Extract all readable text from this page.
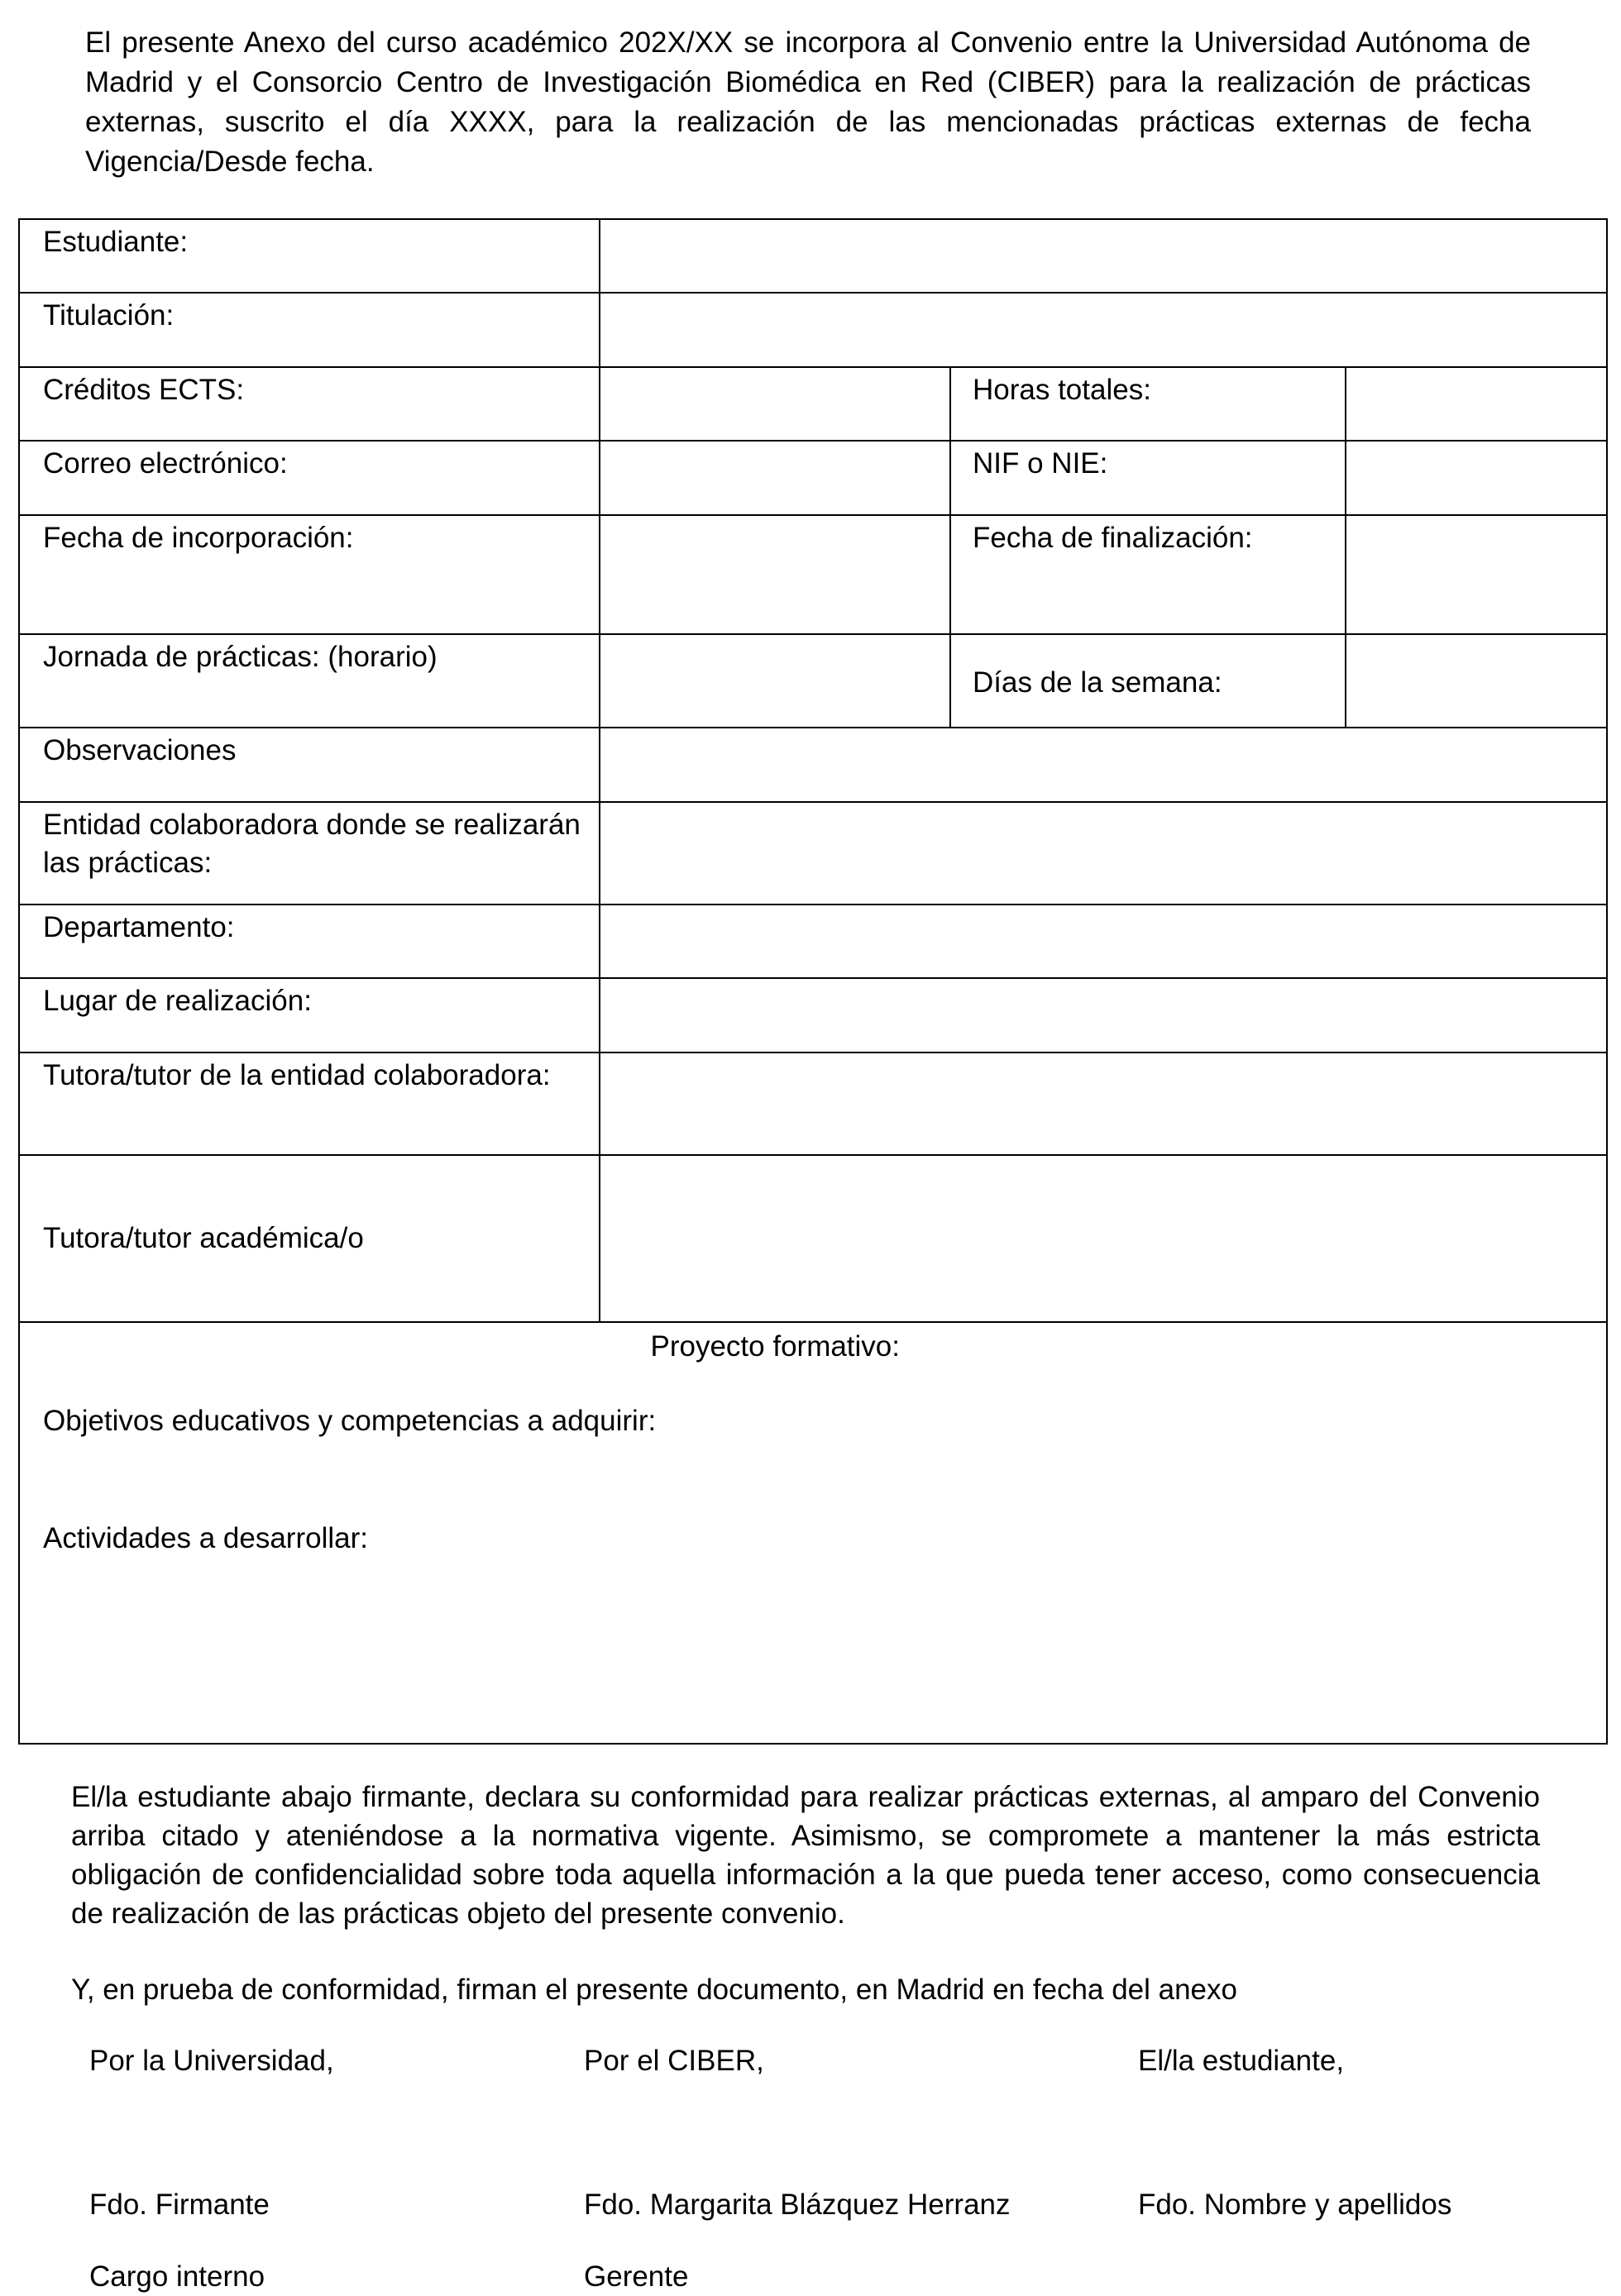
El presente Anexo del curso académico 202X/XX se incorpora al Convenio entre la Universidad Autónoma de Madrid y el Consorcio Centro de Investigación Biomédica en Red (CIBER) para la realización de prácticas externas, suscrito el día XXXX, para la realización de las mencionadas prácticas externas de fecha Vigencia/Desde fecha.

Estudiante:			
Titulación:			
Créditos ECTS:		Horas totales:	
Correo electrónico:		NIF o NIE:	
Fecha de incorporación:		Fecha de finalización:	
Jornada de prácticas: (horario)		Días de la semana:	
Observaciones			
Entidad colaboradora donde se realizarán las prácticas:			
Departamento:			
Lugar de realización:			
Tutora/tutor de la entidad colaboradora:			
Tutora/tutor académica/o			

Proyecto formativo:
Objetivos educativos y competencias a adquirir:
Actividades a desarrollar:			

El/la estudiante abajo firmante, declara su conformidad para realizar prácticas externas, al amparo del Convenio arriba citado y ateniéndose a la normativa vigente. Asimismo, se compromete a mantener la más estricta obligación de confidencialidad sobre toda aquella información a la que pueda tener acceso, como consecuencia de realización de las prácticas objeto del presente convenio.

Y, en prueba de conformidad, firman el presente documento, en Madrid en fecha del anexo

Por la Universidad,	Por el CIBER,	El/la estudiante,
Fdo. Firmante	Fdo. Margarita Blázquez Herranz	Fdo. Nombre y apellidos
Cargo interno	Gerente
